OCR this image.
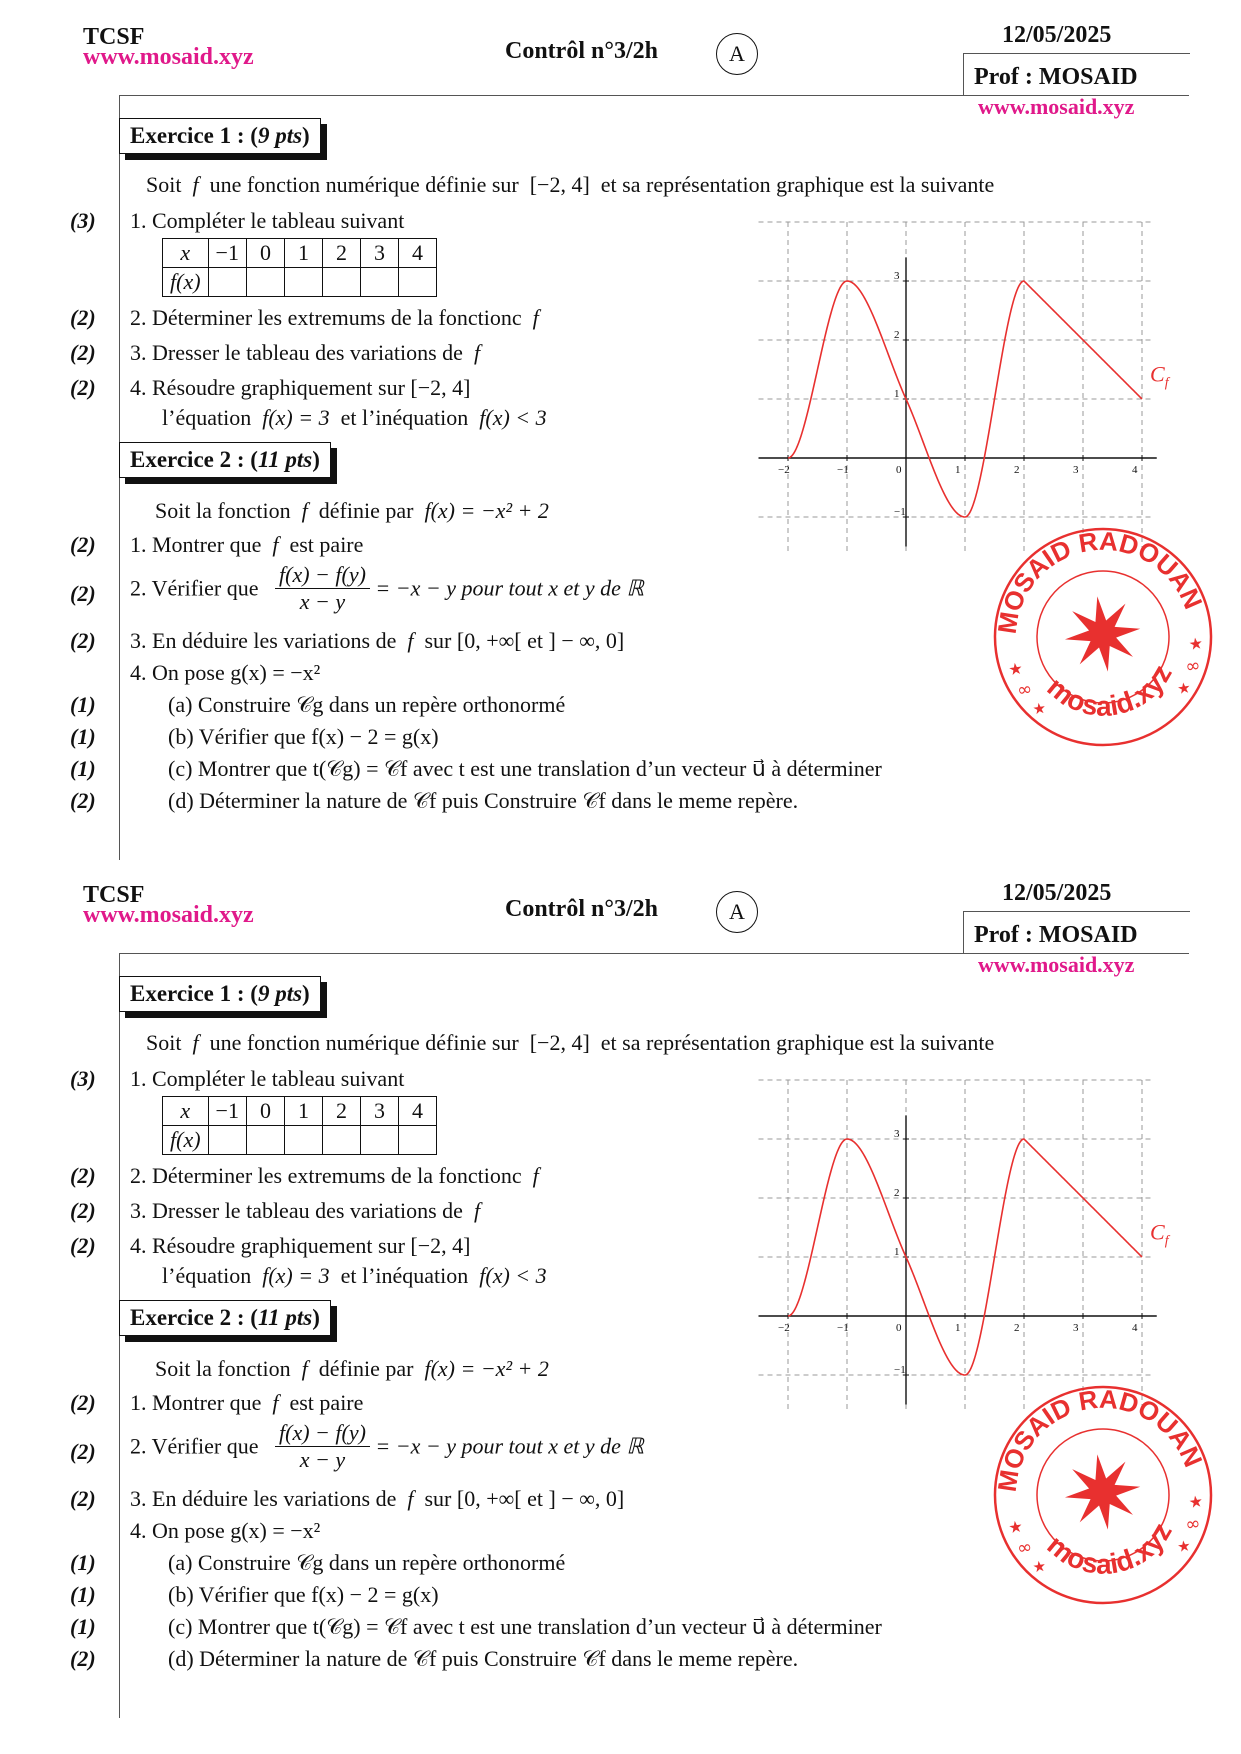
TCSF
www.mosaid.xyz	Contrôl n°3/2h	A
12/05/2025
Prof : MOSAID
www.mosaid.xyz
Exercice 1 : (9 pts)
Soit f une fonction numérique définie sur [−2, 4] et sa représentation graphique est la suivante
(3) 1. Compléter le tableau suivant
x	−1	0	1	2	3	4
f(x)						
(2) 2. Déterminer les extremums de la fonctionc f
(2) 3. Dresser le tableau des variations de f
(2) 4. Résoudre graphiquement sur [−2, 4]
l’équation f(x) = 3 et l’inéquation f(x) < 3
Exercice 2 : (11 pts)
Soit la fonction f définie par f(x) = −x² + 2
(2) 1. Montrer que f est paire
(2) 2. Vérifier que $\frac{f(x) - f(y)}{x - y} = -x - y$ pour tout x et y de ℝ
(2) 3. En déduire les variations de f sur [0, +∞[ et ] − ∞, 0]
4. On pose g(x) = −x²
(1)	(a) Construire 𝒞g dans un repère orthonormé
(1)	(b) Vérifier que f(x) − 2 = g(x)
(1)	(c) Montrer que t(𝒞g) = 𝒞f avec t est une translation d’un vecteur u⃗ à déterminer
(2)	(d) Déterminer la nature de 𝒞f puis Construire 𝒞f dans le meme repère.
−2	−1	0	1	2	3	4
−1
1
2
3
$C_f$
MOSAID RADOUAN
mosaid.xyz
★
★
∞
∞
★
★
TCSF
www.mosaid.xyz	Contrôl n°3/2h	A
12/05/2025
Prof : MOSAID
www.mosaid.xyz
Exercice 1 : (9 pts)
Soit f une fonction numérique définie sur [−2, 4] et sa représentation graphique est la suivante
(3) 1. Compléter le tableau suivant
x	−1	0	1	2	3	4
f(x)						
(2) 2. Déterminer les extremums de la fonctionc f
(2) 3. Dresser le tableau des variations de f
(2) 4. Résoudre graphiquement sur [−2, 4]
l’équation f(x) = 3 et l’inéquation f(x) < 3
Exercice 2 : (11 pts)
Soit la fonction f définie par f(x) = −x² + 2
(2) 1. Montrer que f est paire
(2) 2. Vérifier que $\frac{f(x) - f(y)}{x - y} = -x - y$ pour tout x et y de ℝ
(2) 3. En déduire les variations de f sur [0, +∞[ et ] − ∞, 0]
4. On pose g(x) = −x²
(1)	(a) Construire 𝒞g dans un repère orthonormé
(1)	(b) Vérifier que f(x) − 2 = g(x)
(1)	(c) Montrer que t(𝒞g) = 𝒞f avec t est une translation d’un vecteur u⃗ à déterminer
(2)	(d) Déterminer la nature de 𝒞f puis Construire 𝒞f dans le meme repère.
−2	−1	0	1	2	3	4
−1
1
2
3
$C_f$
MOSAID RADOUAN
mosaid.xyz
★
★
∞
∞
★
★
